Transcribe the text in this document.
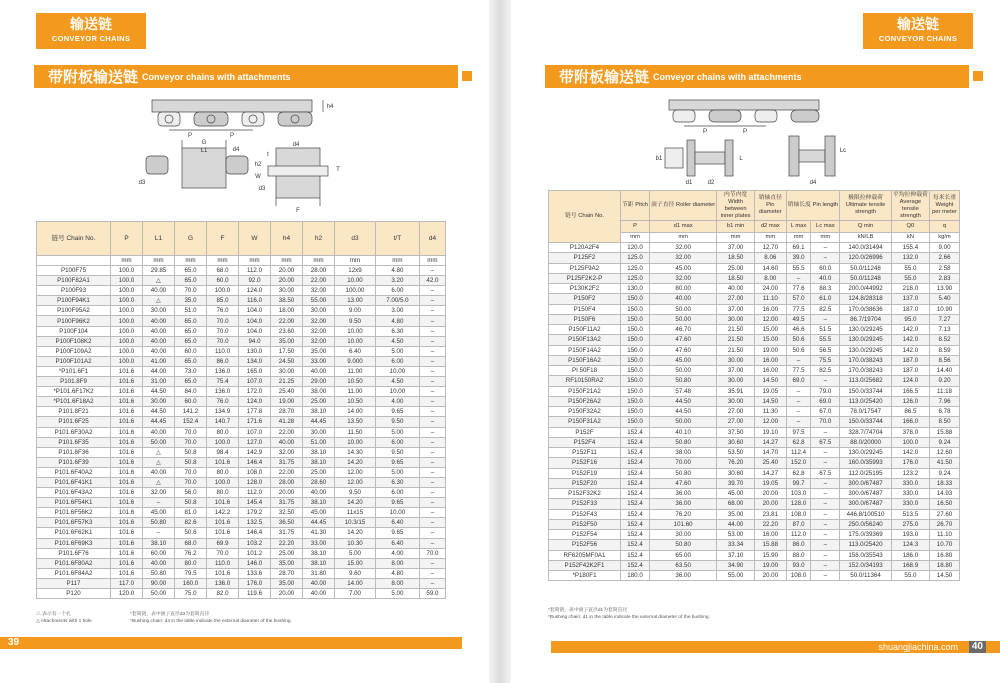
输送链
CONVEYOR CHAINS
带附板输送链 Conveyor chains with attachments
P	P
h4
G
L1	d4
h2
W
T
d3
t
F
d4
d3
链号 Chain No.	P	L1	G	F	W	h4	h2	d3	t/T	d4
	mm	mm	mm	mm	mm	mm	mm	mm	mm	mm
P100F75	100.0	29.85	65.0	68.0	112.0	20.00	28.00	12x9	4.80	–
P100F82A1	100.0	△	65.0	60.0	92.0	20.00	22.00	10.00	3.20	42.0
P100F93	100.0	40.00	70.0	100.0	124.0	30.00	32.00	100.00	6.00	–
P100F94K1	100.0	△	35.0	85.0	116.0	38.50	55.00	13.00	7.00/5.0	–
P100F95A2	100.0	30.00	51.0	76.0	104.0	18.00	30.00	9.00	3.00	–
P100F96K2	100.0	40.00	65.0	70.0	104.0	22.00	32.00	9.50	4.80	–
P100F104	100.0	40.00	65.0	70.0	104.0	23.60	32.00	10.00	6.30	–
P100F108K2	100.0	40.00	65.0	70.0	94.0	35.00	32.00	10.00	4.50	–
P100F109A2	100.0	40.00	60.0	110.0	130.0	17.50	35.00	6.40	5.00	–
P100F101A2	100.0	41.00	65.0	86.0	134.0	24.50	33.00	9.000	6.00	–
*P101.6F1	101.6	44.00	73.0	136.0	165.0	30.00	40.00	11.00	10.00	–
P101.8F9	101.6	31.00	65.0	75.4	107.0	21.25	29.00	10.50	4.50	–
*P101.6F17K2	101.6	44.50	84.0	136.0	172.0	25.40	38.00	11.00	10.00	–
*P101.6F18A2	101.6	30.00	60.0	76.0	124.0	19.00	25.00	10.50	4.00	–
P101.8F21	101.6	44.50	141.2	134.9	177.8	28.70	38.10	14.00	9.65	–
P101.6F25	101.6	44.45	152.4	140.7	171.6	41.28	44.45	13.50	9.50	–
P101.6F30A2	101.6	40.00	70.0	80.0	107.0	22.00	30.00	11.50	5.00	–
P101.6F35	101.6	50.00	70.0	100.0	127.0	40.00	51.00	10.00	6.00	–
P101.6F36	101.6	△	50.8	98.4	142.9	32.00	38.10	14.30	9.50	–
P101.6F39	101.6	△	50.8	101.6	146.4	31.75	38.10	14.20	9.65	–
P101.6F40A2	101.6	40.00	70.0	80.0	108.0	22.00	25.00	12.00	5.00	–
P101.6F41K1	101.6	△	70.0	100.0	128.0	28.00	28.60	12.00	6.30	–
P101.6F43A2	101.6	32.00	56.0	80.0	112.0	20.00	40.00	9.50	6.00	–
P101.6F54K1	101.6	–	50.8	101.6	145.4	31.75	38.10	14.20	9.65	–
P101.6F56K2	101.6	45.00	81.0	142.2	179.2	32.50	45.00	11x15	10.00	–
P101.6F57K3	101.6	50.80	82.6	101.6	132.5	36.50	44.45	10.3/15	6.40	–
P101.6F62K1	101.6	–	50.6	101.6	146.4	31.75	41.30	14.20	9.65	–
P101.6F69K3	101.6	38.10	68.0	69.9	103.2	22.20	33.00	10.30	6.40	–
P101.6F76	101.6	60.00	76.2	70.0	101.2	25.00	38.10	5.00	4.00	70.0
P101.6F80A2	101.6	40.00	80.0	110.0	146.0	35.00	38.10	15.00	8.00	–
P101.6F84A2	101.6	50.80	79.5	101.6	133.6	28.70	31.80	9.60	4.80	–
P117	117.0	90.00	160.0	136.0	176.0	35.00	40.00	14.00	8.00	–
P120	120.0	50.00	75.0	82.0	119.6	20.00	40.00	7.00	5.00	59.0
△ 表示有一个孔
△ Attachments with 1 hole
*套筒链，表中滚子直径d3为套筒直径
*Bushing chain: d3 in the table indicate the external diameter of the bushing.
39
输送链
CONVEYOR CHAINS
带附板输送链 Conveyor chains with attachments
P	P
b1
d1	d2
L
Lc
d4
链号 Chain No.	节距 Pitch	滚子直径 Roller diameter	内节内宽 Width between inner plates	销轴直径 Pin diameter	销轴长度 Pin length		极限拉伸载荷 Ultimate tensile strength	平均拉伸载荷 Average tensile strength	每米长重 Weight per meter
	P	d1 max	b1 min	d2 max	L max	Lc max	Q min	Q0	q
	mm	mm	mm	mm	mm	mm	kN/LB	kN	kg/m
P120A2F4	120.0	32.00	37.00	12.70	69.1	–	140.0/31494	155.4	9.00
P125F2	125.0	32.00	18.50	8.06	39.0	–	120.0/26996	132.0	2.66
P125F9A2	125.0	45.00	25.00	14.60	55.5	60.0	50.0/11248	55.0	2.58
P125F2K2-P	125.0	32.00	18.50	8.00	–	40.0	50.0/11248	55.0	2.83
P130K2F2	130.0	80.00	40.00	24.00	77.6	88.3	200.0/44992	218.0	13.90
P150F2	150.0	40.00	27.00	11.10	57.0	61.0	124.8/28318	137.0	5.40
P150F4	150.0	50.00	37.00	16.00	77.5	82.5	170.0/38636	187.0	10.90
P150F6	150.0	50.00	30.00	12.00	49.5	–	86.7/19704	95.0	7.27
P150F11A2	150.0	46.70	21.50	15.00	46.6	51.5	130.0/29245	142.0	7.13
P150F13A2	150.0	47.60	21.50	15.00	50.6	55.5	130.0/29245	142.0	8.52
P150F14A2	150.0	47.60	21.50	19.00	50.6	56.5	130.0/29245	142.0	8.59
P150F16A2	150.0	45.00	30.00	16.00	–	75.5	170.0/38243	187.0	8.56
PI 50F18	150.0	50.00	37.00	16.00	77.5	82.5	170.0/38243	187.0	14.40
RF10150RA2	150.0	50.80	30.00	14.50	69.0	–	113.0/25682	124.0	9.20
P150F21A2	150.0	57.48	35.91	19.05	–	79.0	150.0/33744	166.5	11.18
P150F26A2	150.0	44.50	30.00	14.50	–	69.0	113.0/25420	126.0	7.96
P150F32A2	150.0	44.50	27.00	11.30	–	67.0	78.0/17547	86.5	6.78
P150F31A2	150.0	50.00	27.00	12.00	–	70.0	150.0/33744	166.0	8.50
P152F	152.4	40.10	37.50	19.10	97.5	–	328.7/74704	378.0	15.88
P152F4	152.4	50.80	30.60	14.27	62.8	67.5	88.0/20000	100.0	9.24
P152F11	152.4	38.00	53.50	14.70	112.4	–	130.0/29245	142.0	12.60
P152F16	152.4	70.00	76.20	25.40	152.0	–	160.0/35993	176.0	41.50
P152F19	152.4	50.80	30.60	14.27	62.8	67.5	112.0/25195	123.2	9.24
P152F20	152.4	47.60	39.70	19.05	99.7	–	300.0/67487	330.0	18.33
P152F32K2	152.4	36.00	45.00	20.00	103.0	–	300.0/67487	330.0	14.93
P152F33	152.4	36.00	68.00	20.00	128.0	–	300.0/67487	330.0	16.50
P152F43	152.4	76.20	35.00	23.81	108.0	–	446.8/100510	513.5	27.60
P152F50	152.4	101.60	44.00	22.20	87.0	–	250.0/56240	275.0	26.70
P152F54	152.4	30.00	53.00	16.00	112.0	–	175.0/39369	193.0	11.10
P152F56	152.4	50.80	33.34	15.88	86.0	–	113.0/25420	124.3	10.70
RF6205MF0A1	152.4	65.00	37.10	15.90	88.0	–	158.0/35543	186.0	16.80
P152F42K2F1	152.4	63.50	34.90	19.00	93.0	–	152.0/34193	168.9	18.80
*P180F1	180.0	36.00	55.00	20.00	108.0	–	50.0/11364	55.0	14.50
*套筒链，表中滚子直径d1为套筒直径
*Bushing chain: d1 in the table indicate the external diameter of the bushing.
shuangjiachina.com	40
